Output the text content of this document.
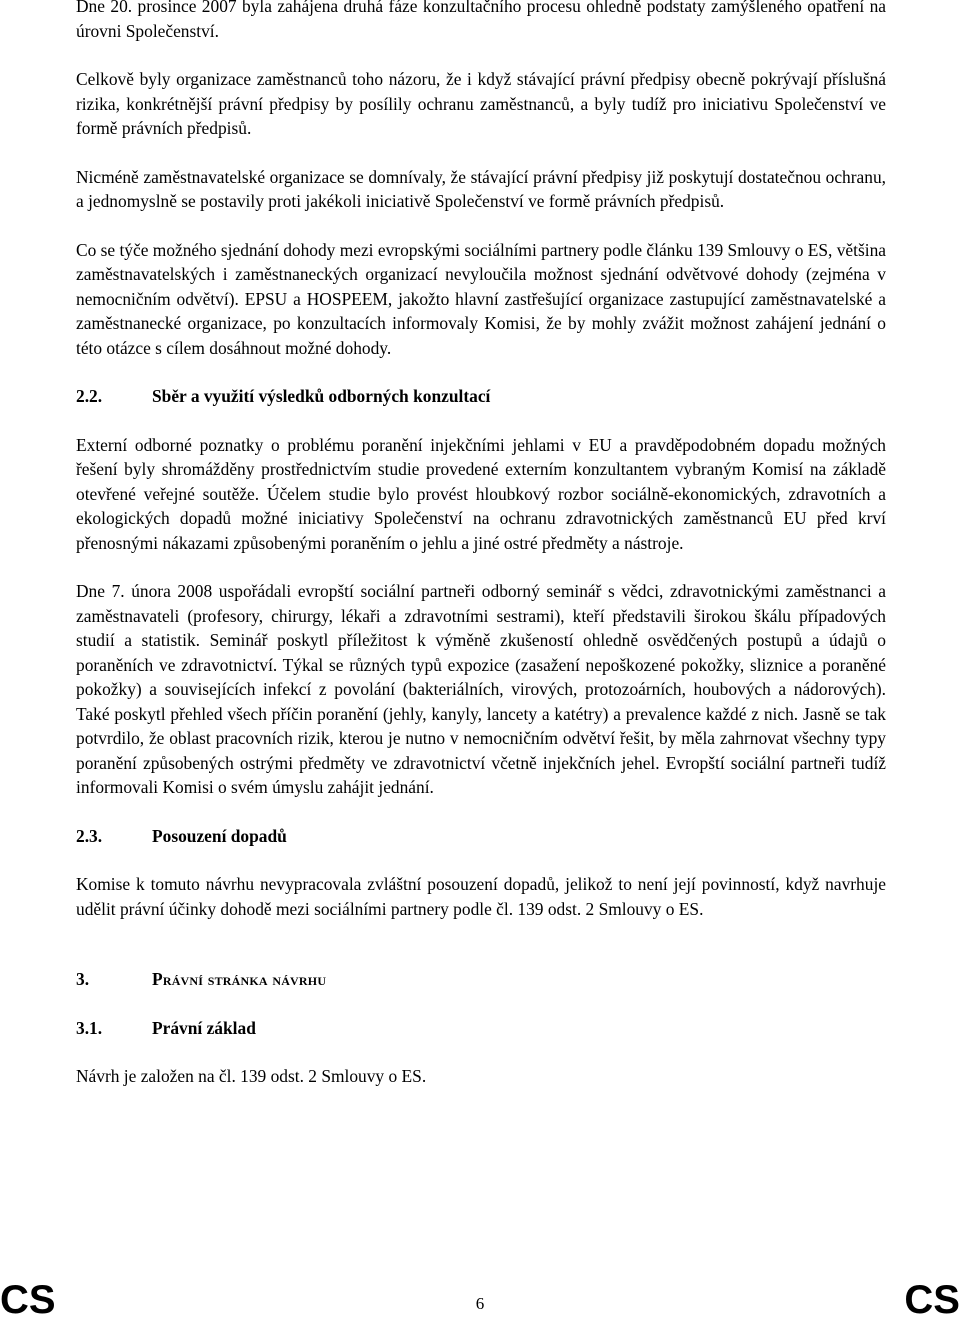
Dne 20. prosince 2007 byla zahájena druhá fáze konzultačního procesu ohledně podstaty zamýšleného opatření na úrovni Společenství.

Celkově byly organizace zaměstnanců toho názoru, že i když stávající právní předpisy obecně pokrývají příslušná rizika, konkrétnější právní předpisy by posílily ochranu zaměstnanců, a byly tudíž pro iniciativu Společenství ve formě právních předpisů.

Nicméně zaměstnavatelské organizace se domnívaly, že stávající právní předpisy již poskytují dostatečnou ochranu, a jednomyslně se postavily proti jakékoli iniciativě Společenství ve formě právních předpisů.

Co se týče možného sjednání dohody mezi evropskými sociálními partnery podle článku 139 Smlouvy o ES, většina zaměstnavatelských i zaměstnaneckých organizací nevyloučila možnost sjednání odvětvové dohody (zejména v nemocničním odvětví). EPSU a HOSPEEM, jakožto hlavní zastřešující organizace zastupující zaměstnavatelské a zaměstnanecké organizace, po konzultacích informovaly Komisi, že by mohly zvážit možnost zahájení jednání o této otázce s cílem dosáhnout možné dohody.

2.2.	Sběr a využití výsledků odborných konzultací

Externí odborné poznatky o problému poranění injekčními jehlami v EU a pravděpodobném dopadu možných řešení byly shromážděny prostřednictvím studie provedené externím konzultantem vybraným Komisí na základě otevřené veřejné soutěže. Účelem studie bylo provést hloubkový rozbor sociálně-ekonomických, zdravotních a ekologických dopadů možné iniciativy Společenství na ochranu zdravotnických zaměstnanců EU před krví přenosnými nákazami způsobenými poraněním o jehlu a jiné ostré předměty a nástroje.

Dne 7. února 2008 uspořádali evropští sociální partneři odborný seminář s vědci, zdravotnickými zaměstnanci a zaměstnavateli (profesory, chirurgy, lékaři a zdravotními sestrami), kteří představili širokou škálu případových studií a statistik. Seminář poskytl příležitost k výměně zkušeností ohledně osvědčených postupů a údajů o poraněních ve zdravotnictví. Týkal se různých typů expozice (zasažení nepoškozené pokožky, sliznice a poraněné pokožky) a souvisejících infekcí z povolání (bakteriálních, virových, protozoárních, houbových a nádorových). Také poskytl přehled všech příčin poranění (jehly, kanyly, lancety a katétry) a prevalence každé z nich. Jasně se tak potvrdilo, že oblast pracovních rizik, kterou je nutno v nemocničním odvětví řešit, by měla zahrnovat všechny typy poranění způsobených ostrými předměty ve zdravotnictví včetně injekčních jehel. Evropští sociální partneři tudíž informovali Komisi o svém úmyslu zahájit jednání.

2.3.	Posouzení dopadů

Komise k tomuto návrhu nevypracovala zvláštní posouzení dopadů, jelikož to není její povinností, když navrhuje udělit právní účinky dohodě mezi sociálními partnery podle čl. 139 odst. 2 Smlouvy o ES.

3.	Právní stránka návrhu
3.1.	Právní základ

Návrh je založen na čl. 139 odst. 2 Smlouvy o ES.

CS	6	CS
